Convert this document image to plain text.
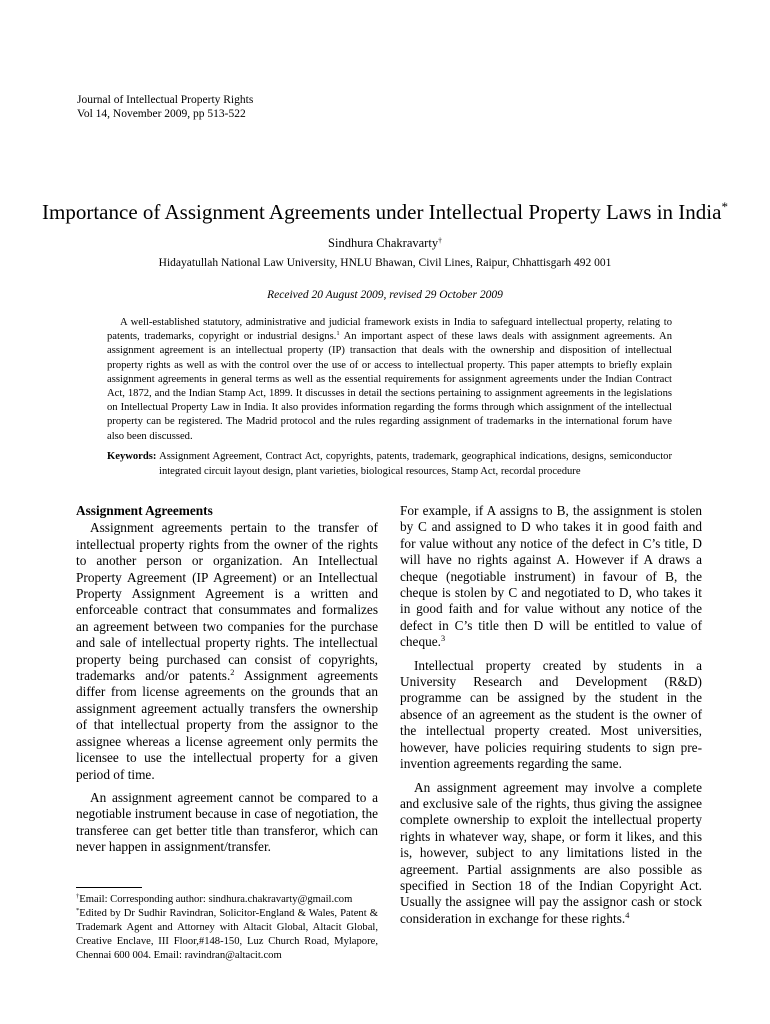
Journal of Intellectual Property Rights
Vol 14, November 2009, pp 513-522
Importance of Assignment Agreements under Intellectual Property Laws in India*
Sindhura Chakravarty†
Hidayatullah National Law University, HNLU Bhawan, Civil Lines, Raipur, Chhattisgarh 492 001
Received 20 August 2009, revised 29 October 2009
A well-established statutory, administrative and judicial framework exists in India to safeguard intellectual property, relating to patents, trademarks, copyright or industrial designs.$^1$ An important aspect of these laws deals with assignment agreements. An assignment agreement is an intellectual property (IP) transaction that deals with the ownership and disposition of intellectual property rights as well as with the control over the use of or access to intellectual property. This paper attempts to briefly explain assignment agreements in general terms as well as the essential requirements for assignment agreements under the Indian Contract Act, 1872, and the Indian Stamp Act, 1899. It discusses in detail the sections pertaining to assignment agreements in the legislations on Intellectual Property Law in India. It also provides information regarding the forms through which assignment of the intellectual property can be registered. The Madrid protocol and the rules regarding assignment of trademarks in the international forum have also been discussed.
Keywords: Assignment Agreement, Contract Act, copyrights, patents, trademark, geographical indications, designs, semiconductor integrated circuit layout design, plant varieties, biological resources, Stamp Act, recordal procedure
Assignment Agreements

Assignment agreements pertain to the transfer of intellectual property rights from the owner of the rights to another person or organization. An Intellectual Property Agreement (IP Agreement) or an Intellectual Property Assignment Agreement is a written and enforceable contract that consummates and formalizes an agreement between two companies for the purchase and sale of intellectual property rights. The intellectual property being purchased can consist of copyrights, trademarks and/or patents.$^2$ Assignment agreements differ from license agreements on the grounds that an assignment agreement actually transfers the ownership of that intellectual property from the assignor to the assignee whereas a license agreement only permits the licensee to use the intellectual property for a given period of time.

An assignment agreement cannot be compared to a negotiable instrument because in case of negotiation, the transferee can get better title than transferor, which can never happen in assignment/transfer.

†Email: Corresponding author: sindhura.chakravarty@gmail.com

*Edited by Dr Sudhir Ravindran, Solicitor-England & Wales, Patent & Trademark Agent and Attorney with Altacit Global, Altacit Global, Creative Enclave, III Floor,#148-150, Luz Church Road, Mylapore, Chennai 600 004. Email: ravindran@altacit.com

For example, if A assigns to B, the assignment is stolen by C and assigned to D who takes it in good faith and for value without any notice of the defect in C’s title, D will have no rights against A. However if A draws a cheque (negotiable instrument) in favour of B, the cheque is stolen by C and negotiated to D, who takes it in good faith and for value without any notice of the defect in C’s title then D will be entitled to value of cheque.$^3$

Intellectual property created by students in a University Research and Development (R&D) programme can be assigned by the student in the absence of an agreement as the student is the owner of the intellectual property created. Most universities, however, have policies requiring students to sign pre-invention agreements regarding the same.

An assignment agreement may involve a complete and exclusive sale of the rights, thus giving the assignee complete ownership to exploit the intellectual property rights in whatever way, shape, or form it likes, and this is, however, subject to any limitations listed in the agreement. Partial assignments are also possible as specified in Section 18 of the Indian Copyright Act. Usually the assignee will pay the assignor cash or stock consideration in exchange for these rights.$^4$
